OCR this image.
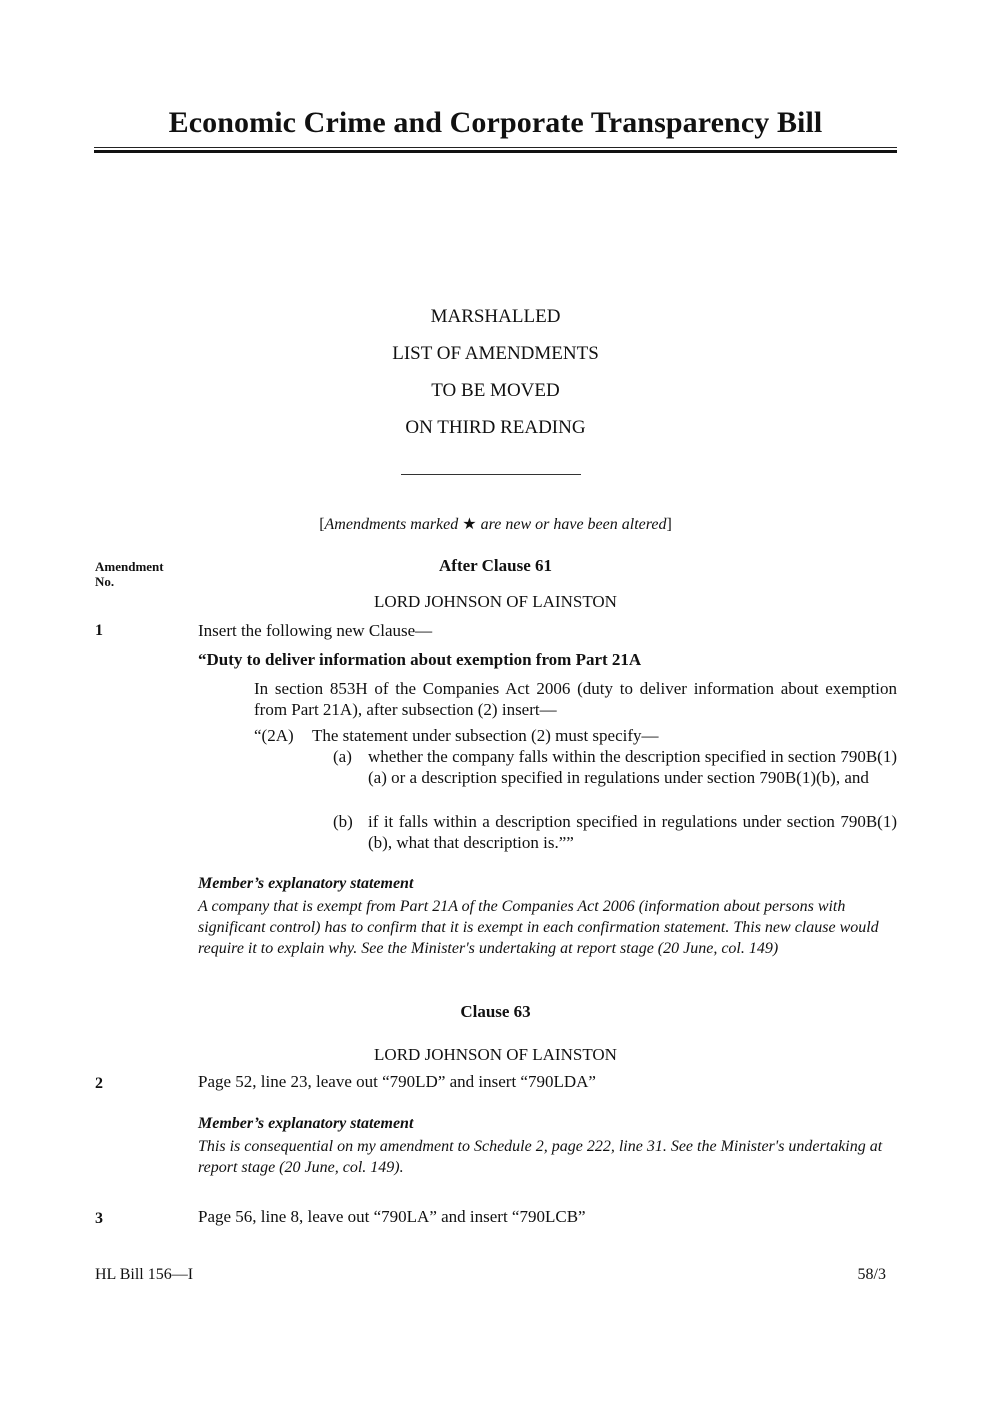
Economic Crime and Corporate Transparency Bill
MARSHALLED
LIST OF AMENDMENTS
TO BE MOVED
ON THIRD READING
[Amendments marked ★ are new or have been altered]
Amendment
No.
After Clause 61
LORD JOHNSON OF LAINSTON
1	Insert the following new Clause—
“Duty to deliver information about exemption from Part 21A
In section 853H of the Companies Act 2006 (duty to deliver information about exemption from Part 21A), after subsection (2) insert—
“(2A) The statement under subsection (2) must specify—
(a) whether the company falls within the description specified in section 790B(1)(a) or a description specified in regulations under section 790B(1)(b), and
(b) if it falls within a description specified in regulations under section 790B(1)(b), what that description is.””
Member’s explanatory statement
A company that is exempt from Part 21A of the Companies Act 2006 (information about persons with significant control) has to confirm that it is exempt in each confirmation statement. This new clause would require it to explain why. See the Minister's undertaking at report stage (20 June, col. 149)
Clause 63
LORD JOHNSON OF LAINSTON
2	Page 52, line 23, leave out “790LD” and insert “790LDA”
Member’s explanatory statement
This is consequential on my amendment to Schedule 2, page 222, line 31. See the Minister's undertaking at report stage (20 June, col. 149).
3	Page 56, line 8, leave out “790LA” and insert “790LCB”
HL Bill 156—I	58/3
